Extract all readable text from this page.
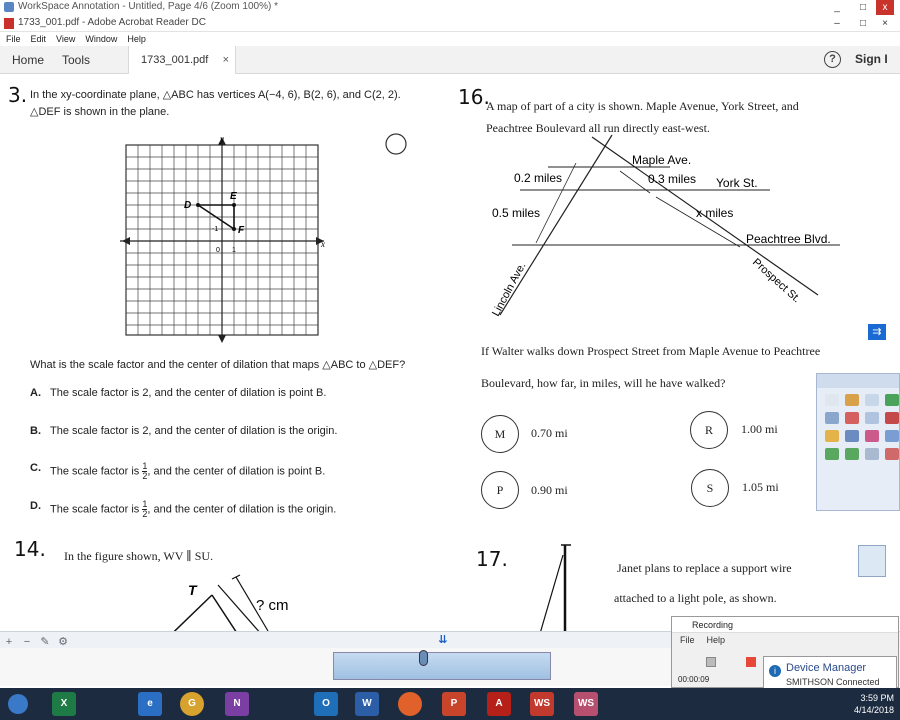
WorkSpace Annotation - Untitled, Page 4/6 (Zoom 100%) *	_ □ x
1733_001.pdf - Adobe Acrobat Reader DC	– □ ×
File Edit View Window Help
Home	Tools	1733_001.pdf ×	?	Sign I
3. In the xy-coordinate plane, △ABC has vertices A(−4, 6), B(2, 6), and C(2, 2).
△DEF is shown in the plane.
y
x
D
E
F
0 1
-1
What is the scale factor and the center of dilation that maps △ABC to △DEF?
A. The scale factor is 2, and the center of dilation is point B.
B. The scale factor is 2, and the center of dilation is the origin.
C. The scale factor is $\frac{1}{2}$ , and the center of dilation is point B.
D. The scale factor is $\frac{1}{2}$ , and the center of dilation is the origin.
14. In the figure shown, WV ∥ SU.
T
? cm
16.
A map of part of a city is shown. Maple Avenue, York Street, and
Peachtree Boulevard all run directly east-west.
Maple Ave.
York St.
Peachtree Blvd.
0.2 miles
0.5 miles
0.3 miles
x miles
Lincoln Ave.	Prospect St.
If Walter walks down Prospect Street from Maple Avenue to Peachtree
Boulevard, how far, in miles, will he have walked?
M	0.70 mi	R	1.00 mi
P	0.90 mi	S	1.05 mi
17.	Janet plans to replace a support wire
attached to a light pole, as shown.
⇉
+ − ✎ ⚙	⇊
Recording
File Help
00:00:09
i Device Manager
SMITHSON Connected
X	e	G	N	O	W	P	A	WS	WS	3:59 PM
4/14/2018
